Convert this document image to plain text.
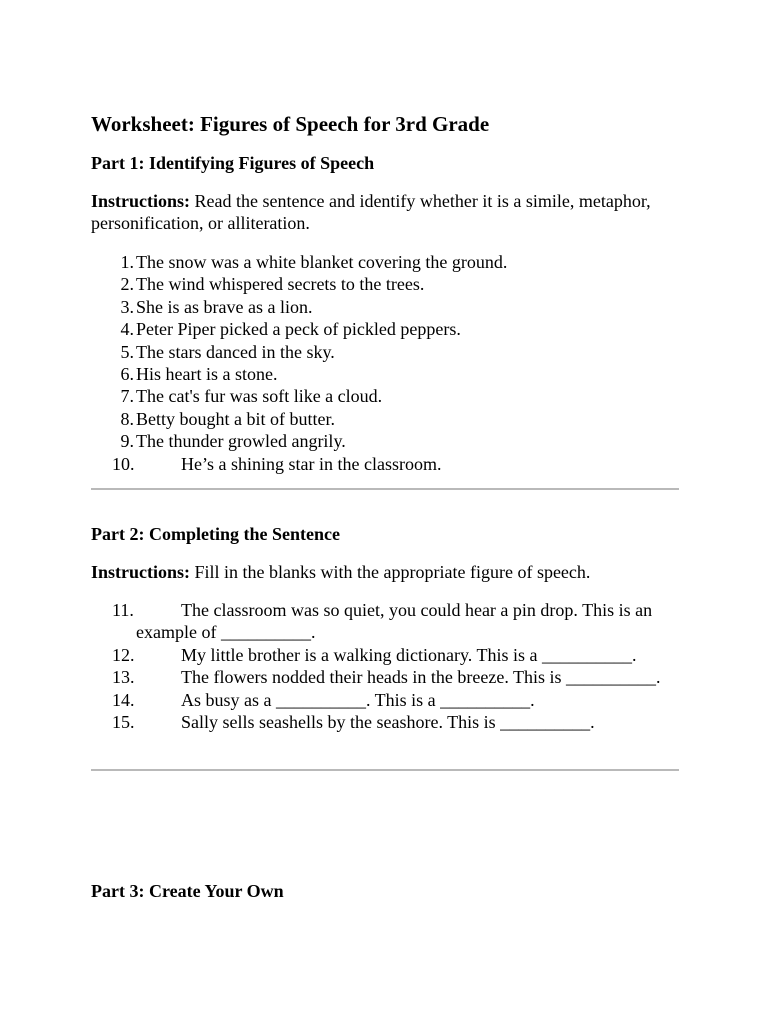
Worksheet: Figures of Speech for 3rd Grade
Part 1: Identifying Figures of Speech

Instructions: Read the sentence and identify whether it is a simile, metaphor, personification, or alliteration.

1. The snow was a white blanket covering the ground.
2. The wind whispered secrets to the trees.
3. She is as brave as a lion.
4. Peter Piper picked a peck of pickled peppers.
5. The stars danced in the sky.
6. His heart is a stone.
7. The cat's fur was soft like a cloud.
8. Betty bought a bit of butter.
9. The thunder growled angrily.
10.	He’s a shining star in the classroom.
Part 2: Completing the Sentence

Instructions: Fill in the blanks with the appropriate figure of speech.

11.	The classroom was so quiet, you could hear a pin drop. This is an example of __________.
12.	My little brother is a walking dictionary. This is a __________.
13.	The flowers nodded their heads in the breeze. This is __________.
14.	As busy as a __________. This is a __________.
15.	Sally sells seashells by the seashore. This is __________.
Part 3: Create Your Own
